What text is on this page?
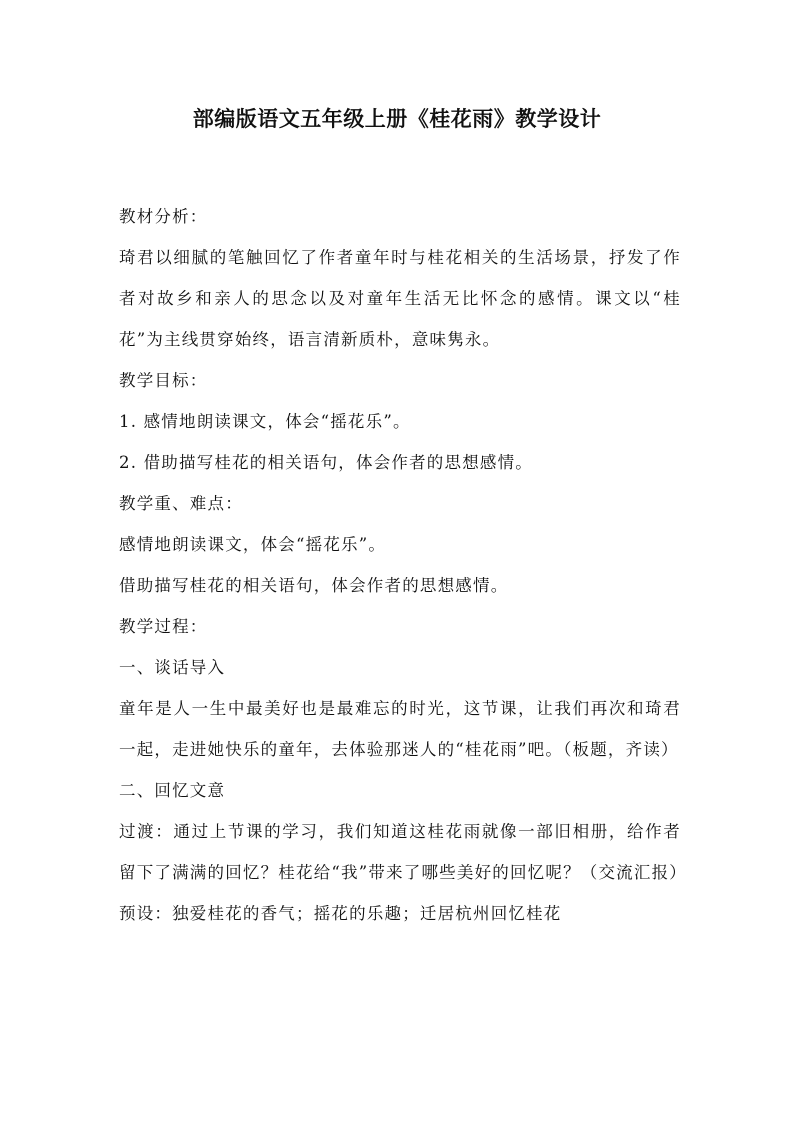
部编版语文五年级上册《桂花雨》教学设计
教材分析：
琦君以细腻的笔触回忆了作者童年时与桂花相关的生活场景，抒发了作者对故乡和亲人的思念以及对童年生活无比怀念的感情。课文以“桂花”为主线贯穿始终，语言清新质朴，意味隽永。
教学目标：
1. 感情地朗读课文，体会“摇花乐”。
2. 借助描写桂花的相关语句，体会作者的思想感情。
教学重、难点：
感情地朗读课文，体会“摇花乐”。
借助描写桂花的相关语句，体会作者的思想感情。
教学过程：
一、谈话导入
童年是人一生中最美好也是最难忘的时光，这节课，让我们再次和琦君一起，走进她快乐的童年，去体验那迷人的“桂花雨”吧。（板题，齐读）
二、回忆文意
过渡：通过上节课的学习，我们知道这桂花雨就像一部旧相册，给作者留下了满满的回忆？桂花给“我”带来了哪些美好的回忆呢？（交流汇报）
预设：独爱桂花的香气；摇花的乐趣；迁居杭州回忆桂花
